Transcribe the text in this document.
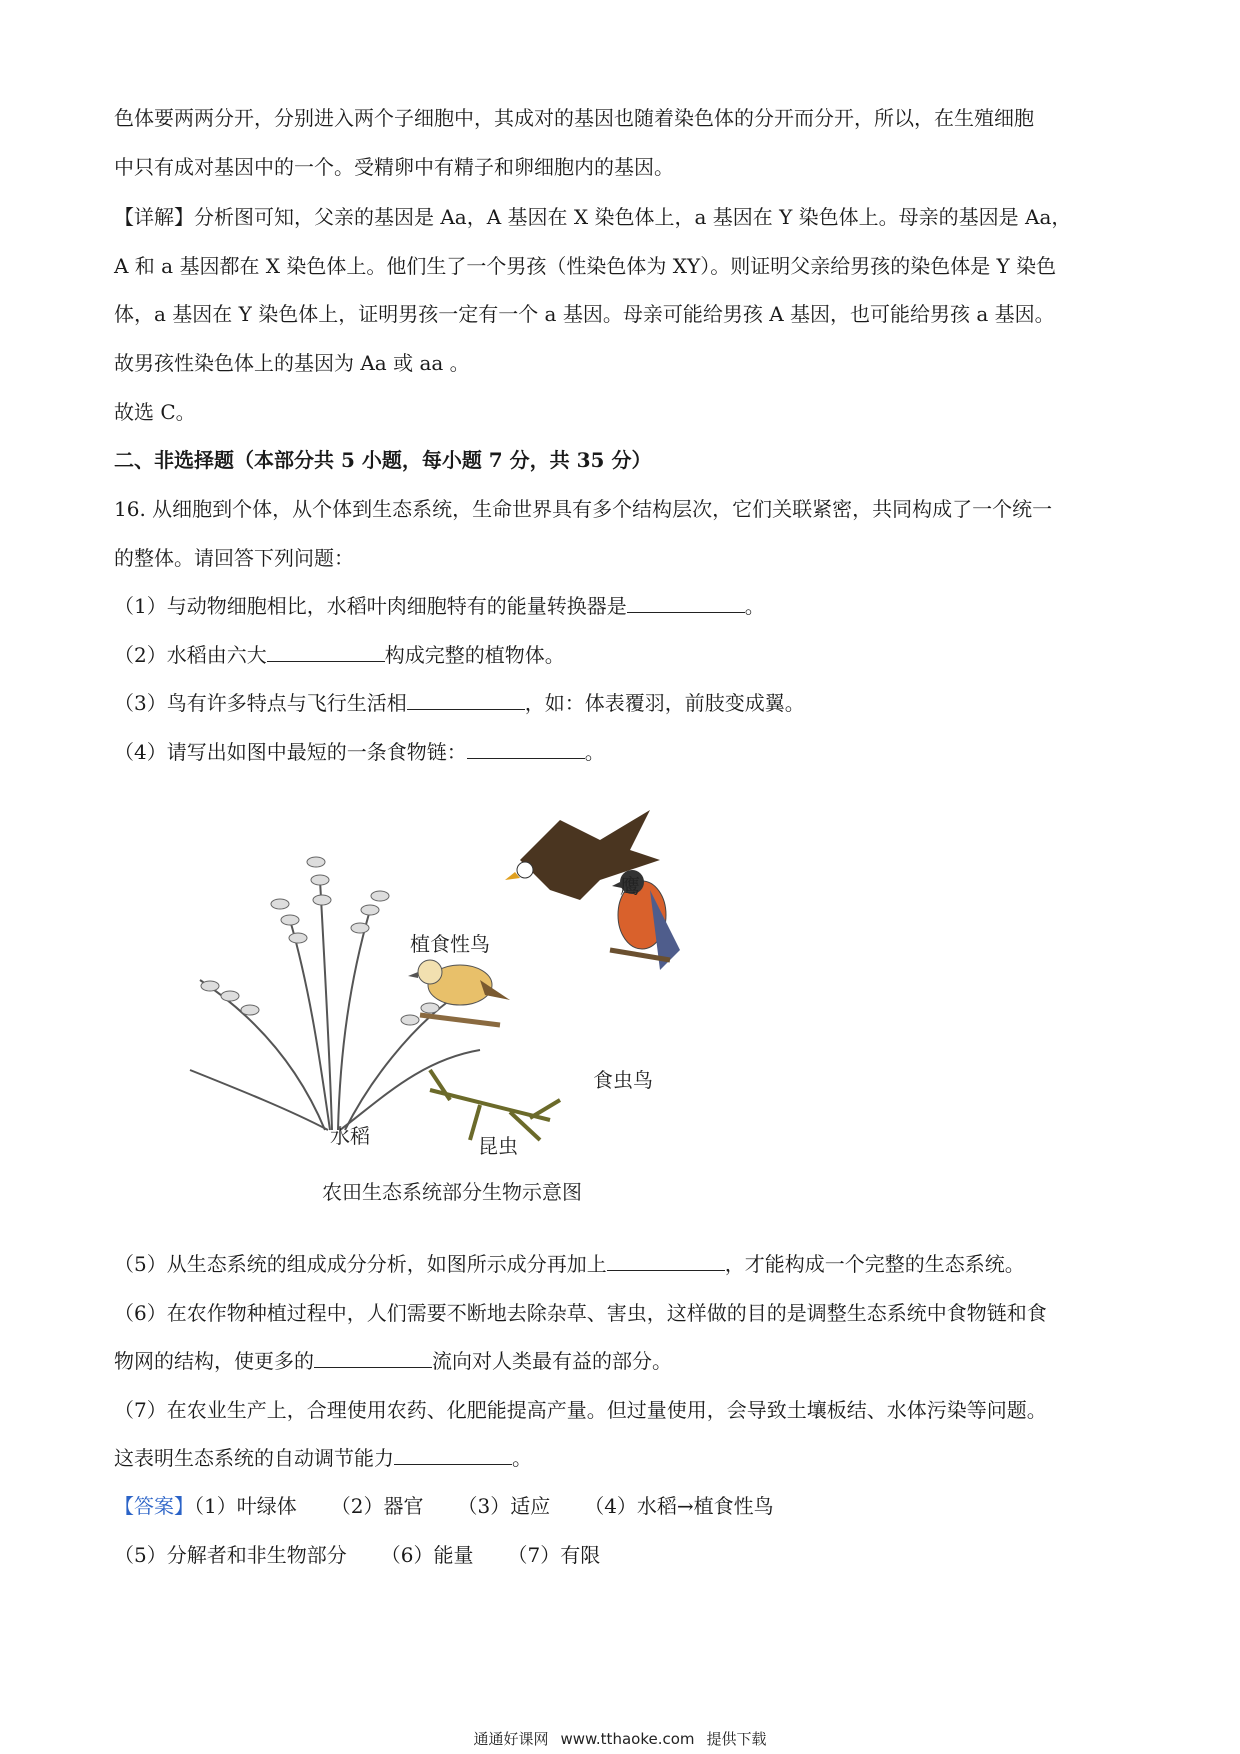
色体要两两分开，分别进入两个子细胞中，其成对的基因也随着染色体的分开而分开，所以，在生殖细胞
中只有成对基因中的一个。受精卵中有精子和卵细胞内的基因。
【详解】分析图可知，父亲的基因是 Aa，A 基因在 X 染色体上，a 基因在 Y 染色体上。母亲的基因是 Aa，
A 和 a 基因都在 X 染色体上。他们生了一个男孩（性染色体为 XY）。则证明父亲给男孩的染色体是 Y 染色
体，a 基因在 Y 染色体上，证明男孩一定有一个 a 基因。母亲可能给男孩 A 基因，也可能给男孩 a 基因。
故男孩性染色体上的基因为 Aa 或 aa 。
故选 C。
二、非选择题（本部分共 5 小题，每小题 7 分，共 35 分）
16. 从细胞到个体，从个体到生态系统，生命世界具有多个结构层次，它们关联紧密，共同构成了一个统一
的整体。请回答下列问题：
（1）与动物细胞相比，水稻叶肉细胞特有的能量转换器是	。
（2）水稻由六大	构成完整的植物体。
（3）鸟有许多特点与飞行生活相	，如：体表覆羽，前肢变成翼。
（4）请写出如图中最短的一条食物链：	。
鹰
植食性鸟
食虫鸟
水稻	昆虫
农田生态系统部分生物示意图
（5）从生态系统的组成成分分析，如图所示成分再加上	，才能构成一个完整的生态系统。
（6）在农作物种植过程中，人们需要不断地去除杂草、害虫，这样做的目的是调整生态系统中食物链和食
物网的结构，使更多的	流向对人类最有益的部分。
（7）在农业生产上，合理使用农药、化肥能提高产量。但过量使用，会导致土壤板结、水体污染等问题。
这表明生态系统的自动调节能力	。
【答案】（1）叶绿体 （2）器官 （3）适应 （4）水稻→植食性鸟
（5）分解者和非生物部分 （6）能量 （7）有限
通通好课网 www.tthaoke.com 提供下载
